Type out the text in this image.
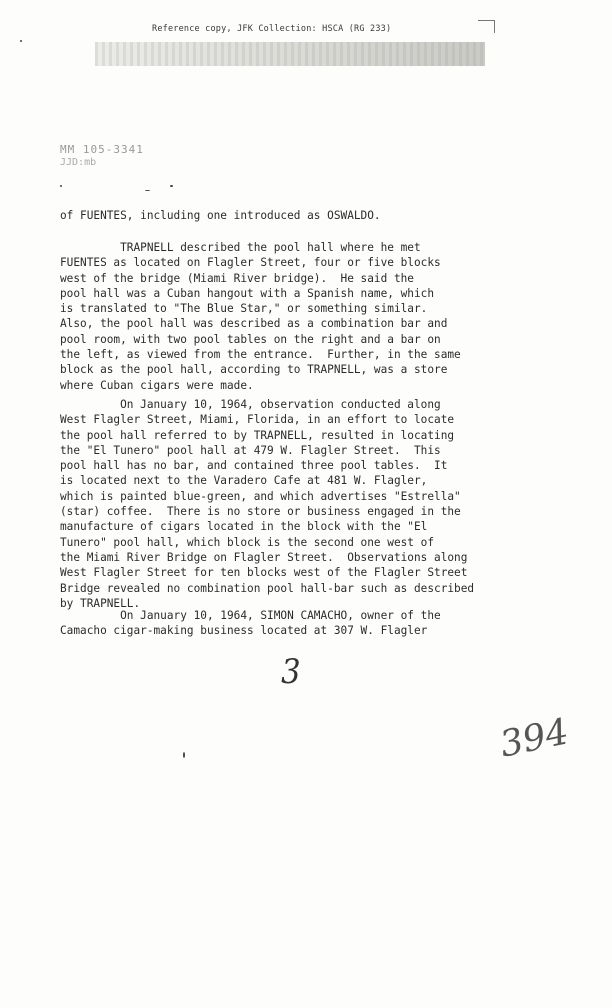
Reference copy, JFK Collection: HSCA (RG 233)
MM 105-3341
JJD:mb
of FUENTES, including one introduced as OSWALDO.
TRAPNELL described the pool hall where he met
FUENTES as located on Flagler Street, four or five blocks
west of the bridge (Miami River bridge).  He said the
pool hall was a Cuban hangout with a Spanish name, which
is translated to "The Blue Star," or something similar.
Also, the pool hall was described as a combination bar and
pool room, with two pool tables on the right and a bar on
the left, as viewed from the entrance.  Further, in the same
block as the pool hall, according to TRAPNELL, was a store
where Cuban cigars were made.
On January 10, 1964, observation conducted along
West Flagler Street, Miami, Florida, in an effort to locate
the pool hall referred to by TRAPNELL, resulted in locating
the "El Tunero" pool hall at 479 W. Flagler Street.  This
pool hall has no bar, and contained three pool tables.  It
is located next to the Varadero Cafe at 481 W. Flagler,
which is painted blue-green, and which advertises "Estrella"
(star) coffee.  There is no store or business engaged in the
manufacture of cigars located in the block with the "El
Tunero" pool hall, which block is the second one west of
the Miami River Bridge on Flagler Street.  Observations along
West Flagler Street for ten blocks west of the Flagler Street
Bridge revealed no combination pool hall-bar such as described
by TRAPNELL.
On January 10, 1964, SIMON CAMACHO, owner of the
Camacho cigar-making business located at 307 W. Flagler
3
394
